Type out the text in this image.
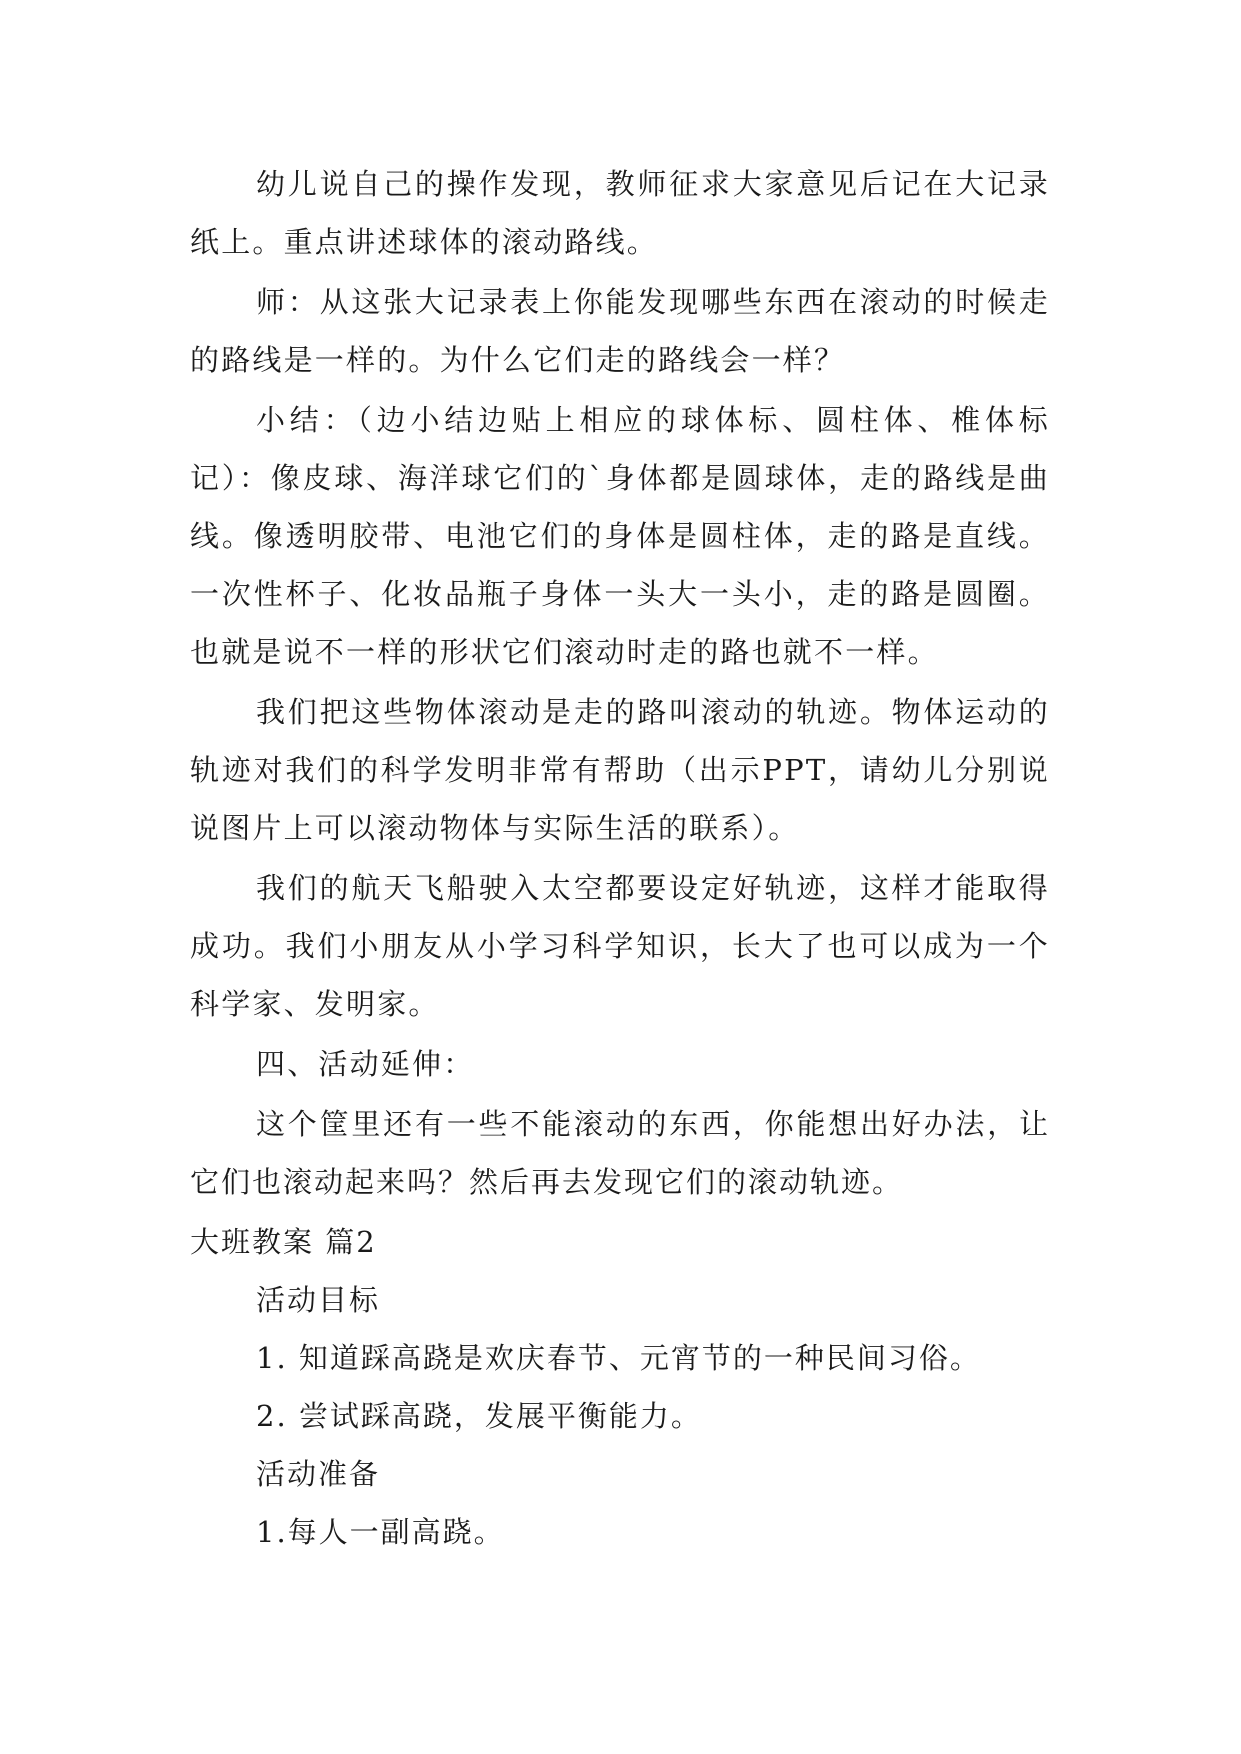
幼儿说自己的操作发现，教师征求大家意见后记在大记录纸上。重点讲述球体的滚动路线。

师：从这张大记录表上你能发现哪些东西在滚动的时候走的路线是一样的。为什么它们走的路线会一样？

小结：（边小结边贴上相应的球体标、圆柱体、椎体标记）：像皮球、海洋球它们的`身体都是圆球体，走的路线是曲线。像透明胶带、电池它们的身体是圆柱体，走的路是直线。一次性杯子、化妆品瓶子身体一头大一头小，走的路是圆圈。也就是说不一样的形状它们滚动时走的路也就不一样。

我们把这些物体滚动是走的路叫滚动的轨迹。物体运动的轨迹对我们的科学发明非常有帮助（出示PPT，请幼儿分别说说图片上可以滚动物体与实际生活的联系）。

我们的航天飞船驶入太空都要设定好轨迹，这样才能取得成功。我们小朋友从小学习科学知识，长大了也可以成为一个科学家、发明家。

四、活动延伸：

这个筐里还有一些不能滚动的东西，你能想出好办法，让它们也滚动起来吗？然后再去发现它们的滚动轨迹。

大班教案 篇2

活动目标

1. 知道踩高跷是欢庆春节、元宵节的一种民间习俗。

2. 尝试踩高跷，发展平衡能力。

活动准备

1.每人一副高跷。
